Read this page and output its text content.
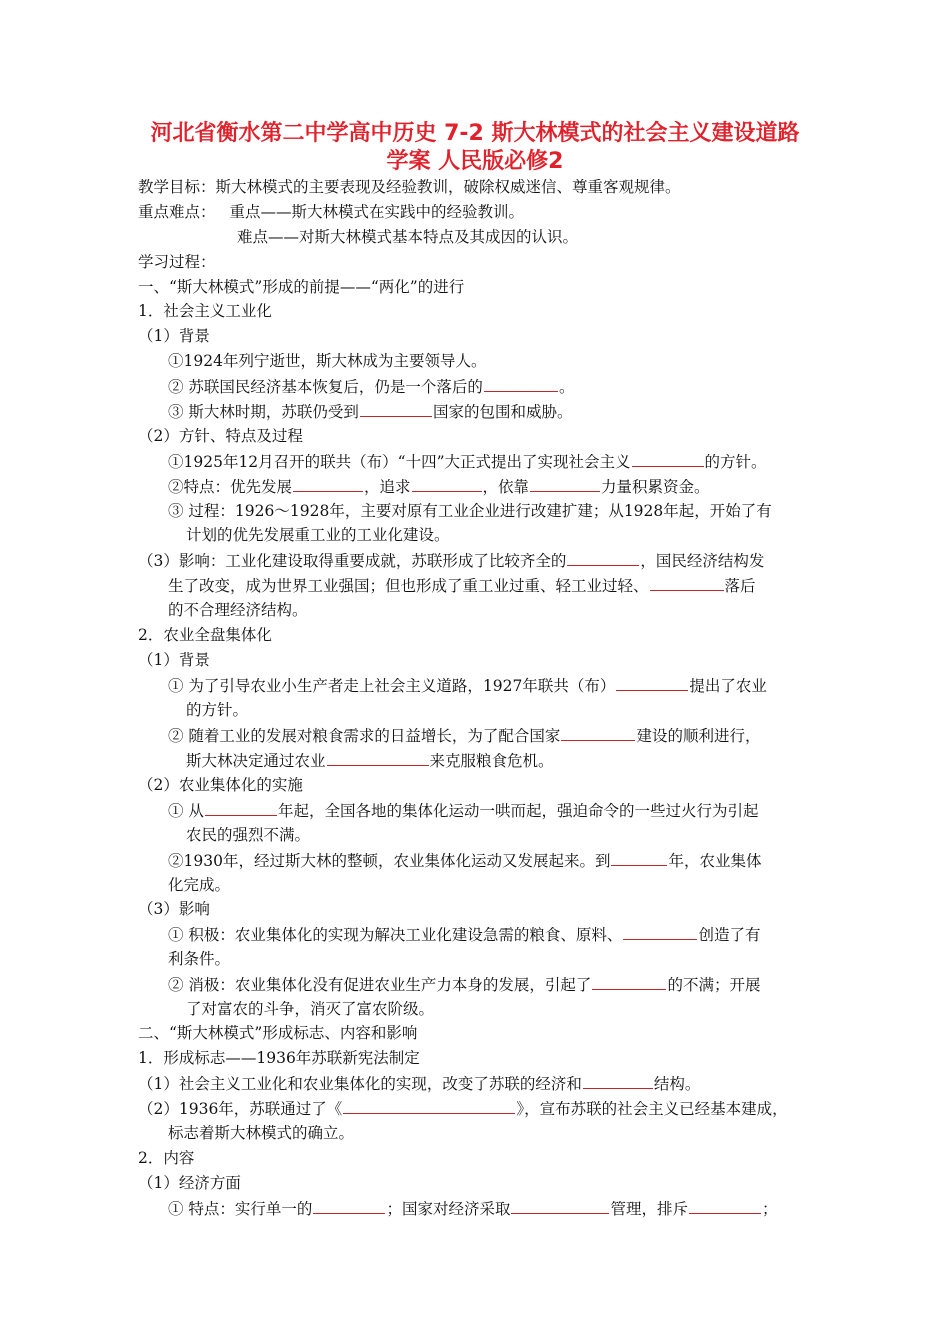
河北省衡水第二中学高中历史 7-2 斯大林模式的社会主义建设道路
学案 人民版必修2
教学目标：斯大林模式的主要表现及经验教训，破除权威迷信、尊重客观规律。
重点难点： 重点——斯大林模式在实践中的经验教训。
难点——对斯大林模式基本特点及其成因的认识。
学习过程：
一、“斯大林模式”形成的前提——“两化”的进行
1．社会主义工业化
（1）背景
①1924年列宁逝世，斯大林成为主要领导人。
② 苏联国民经济基本恢复后，仍是一个落后的	。
③ 斯大林时期，苏联仍受到	国家的包围和威胁。
（2）方针、特点及过程
①1925年12月召开的联共（布）“十四”大正式提出了实现社会主义	的方针。
②特点：优先发展	，追求	，依靠	力量积累资金。
③ 过程：1926～1928年，主要对原有工业企业进行改建扩建；从1928年起，开始了有
计划的优先发展重工业的工业化建设。
（3）影响：工业化建设取得重要成就，苏联形成了比较齐全的	，国民经济结构发
生了改变，成为世界工业强国；但也形成了重工业过重、轻工业过轻、	落后
的不合理经济结构。
2．农业全盘集体化
（1）背景
① 为了引导农业小生产者走上社会主义道路，1927年联共（布）	提出了农业
的方针。
② 随着工业的发展对粮食需求的日益增长，为了配合国家	建设的顺利进行，
斯大林决定通过农业	来克服粮食危机。
（2）农业集体化的实施
① 从	年起，全国各地的集体化运动一哄而起，强迫命令的一些过火行为引起
农民的强烈不满。
②1930年，经过斯大林的整顿，农业集体化运动又发展起来。到	年，农业集体
化完成。
（3）影响
① 积极：农业集体化的实现为解决工业化建设急需的粮食、原料、	创造了有
利条件。
② 消极：农业集体化没有促进农业生产力本身的发展，引起了	的不满；开展
了对富农的斗争，消灭了富农阶级。
二、“斯大林模式”形成标志、内容和影响
1．形成标志——1936年苏联新宪法制定
（1）社会主义工业化和农业集体化的实现，改变了苏联的经济和	结构。
（2）1936年，苏联通过了《	》，宣布苏联的社会主义已经基本建成，
标志着斯大林模式的确立。
2．内容
（1）经济方面
① 特点：实行单一的	；国家对经济采取	管理，排斥	；
